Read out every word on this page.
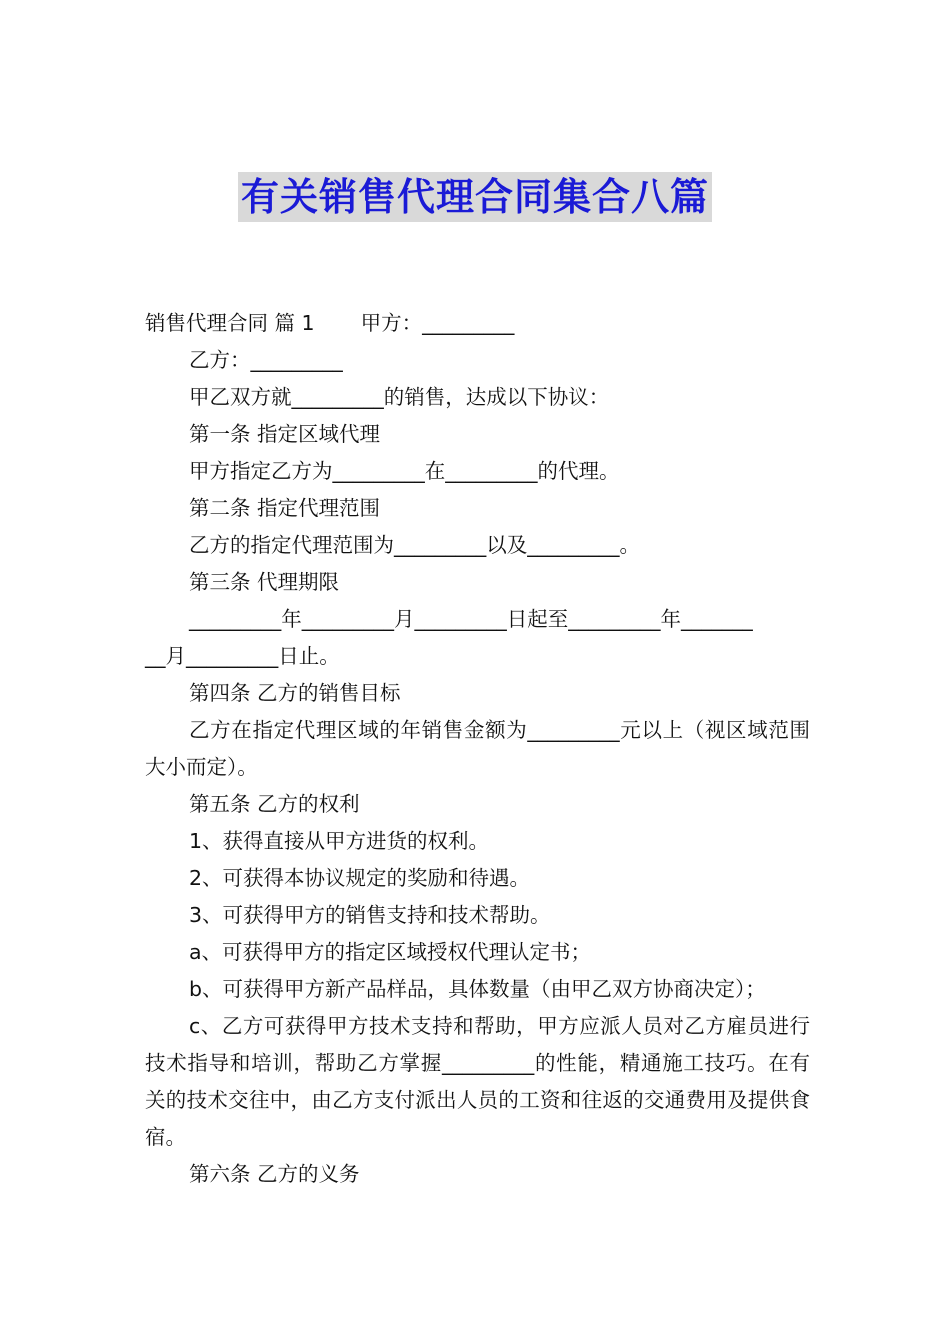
有关销售代理合同集合八篇
销售代理合同 篇 1 甲方：_________
乙方：_________
甲乙双方就_________的销售，达成以下协议：
第一条 指定区域代理
甲方指定乙方为_________在_________的代理。
第二条 指定代理范围
乙方的指定代理范围为_________以及_________。
第三条 代理期限
_________年_________月_________日起至_________年_______
__月_________日止。
第四条 乙方的销售目标
乙方在指定代理区域的年销售金额为_________元以上（视区域范围大小而定）。
第五条 乙方的权利
1、获得直接从甲方进货的权利。
2、可获得本协议规定的奖励和待遇。
3、可获得甲方的销售支持和技术帮助。
a、可获得甲方的指定区域授权代理认定书；
b、可获得甲方新产品样品，具体数量（由甲乙双方协商决定）；
c、乙方可获得甲方技术支持和帮助，甲方应派人员对乙方雇员进行技术指导和培训，帮助乙方掌握_________的性能，精通施工技巧。在有关的技术交往中，由乙方支付派出人员的工资和往返的交通费用及提供食宿。
第六条 乙方的义务
